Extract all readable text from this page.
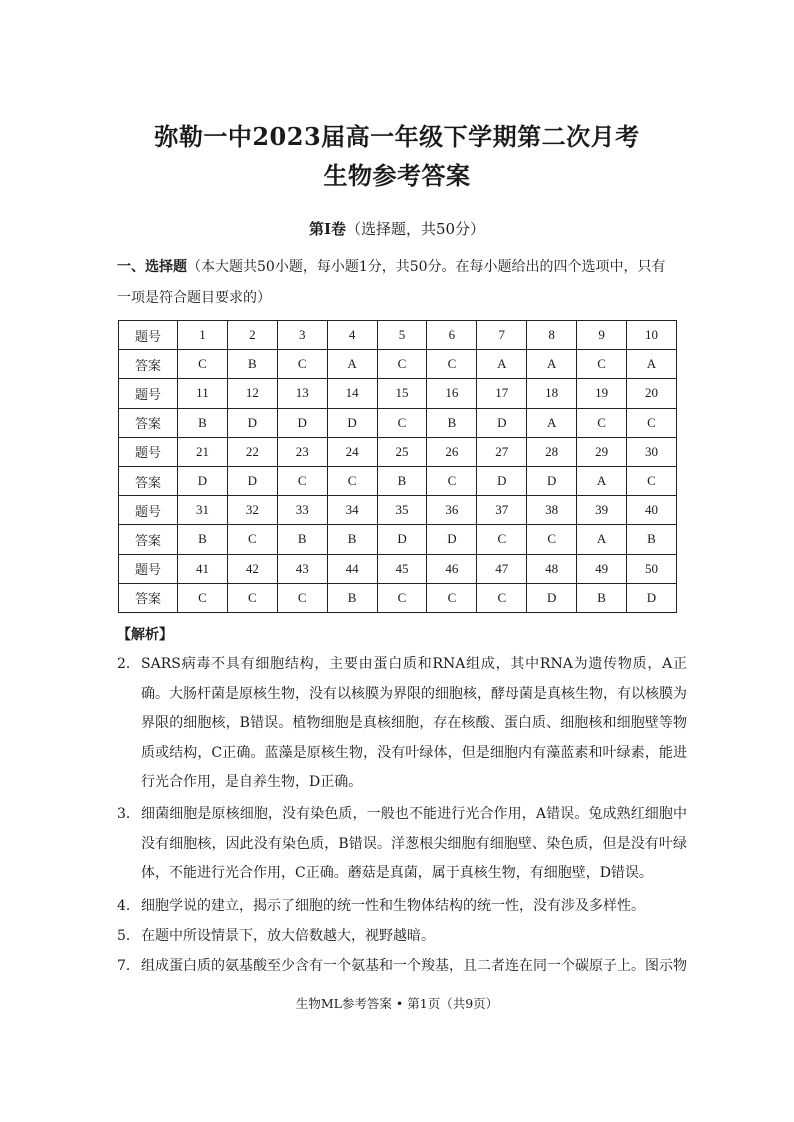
弥勒一中2023届高一年级下学期第二次月考
生物参考答案
第Ⅰ卷（选择题，共50分）
一、选择题（本大题共50小题，每小题1分，共50分。在每小题给出的四个选项中，只有
一项是符合题目要求的）
题号	1	2	3	4	5	6	7	8	9	10
答案	C	B	C	A	C	C	A	A	C	A
题号	11	12	13	14	15	16	17	18	19	20
答案	B	D	D	D	C	B	D	A	C	C
题号	21	22	23	24	25	26	27	28	29	30
答案	D	D	C	C	B	C	D	D	A	C
题号	31	32	33	34	35	36	37	38	39	40
答案	B	C	B	B	D	D	C	C	A	B
题号	41	42	43	44	45	46	47	48	49	50
答案	C	C	C	B	C	C	C	D	B	D
【解析】
2． SARS病毒不具有细胞结构，主要由蛋白质和RNA组成，其中RNA为遗传物质，A正确。大肠杆菌是原核生物，没有以核膜为界限的细胞核，酵母菌是真核生物，有以核膜为界限的细胞核，B错误。植物细胞是真核细胞，存在核酸、蛋白质、细胞核和细胞壁等物质或结构，C正确。蓝藻是原核生物，没有叶绿体，但是细胞内有藻蓝素和叶绿素，能进行光合作用，是自养生物，D正确。
3． 细菌细胞是原核细胞，没有染色质，一般也不能进行光合作用，A错误。兔成熟红细胞中没有细胞核，因此没有染色质，B错误。洋葱根尖细胞有细胞壁、染色质，但是没有叶绿体，不能进行光合作用，C正确。蘑菇是真菌，属于真核生物，有细胞壁，D错误。
4． 细胞学说的建立，揭示了细胞的统一性和生物体结构的统一性，没有涉及多样性。
5． 在题中所设情景下，放大倍数越大，视野越暗。
7． 组成蛋白质的氨基酸至少含有一个氨基和一个羧基，且二者连在同一个碳原子上。图示物
生物ML参考答案 • 第1页（共9页）
